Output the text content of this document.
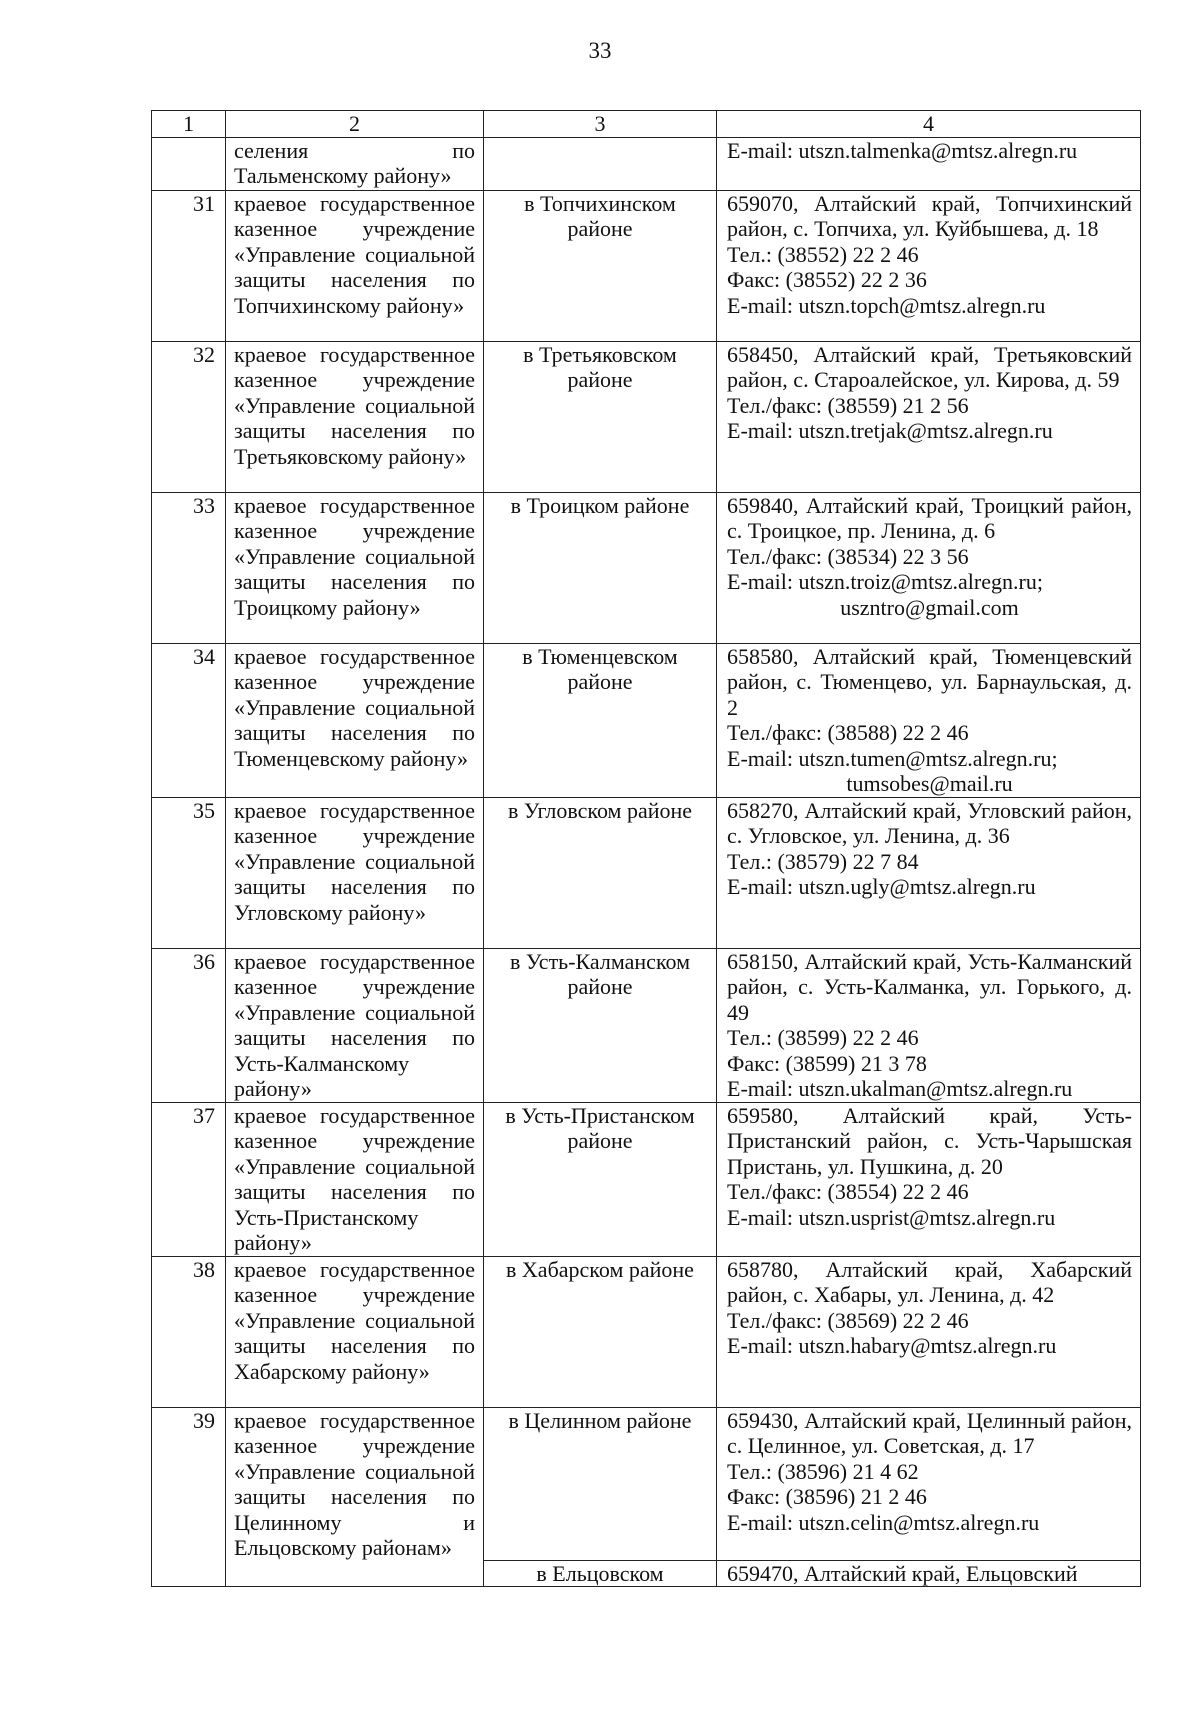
33
1	2	3	4
	селения по Тальменскому району»		E-mail: utszn.talmenka@mtsz.alregn.ru

31	краевое государственное казенное учреждение «Управление социальной защиты населения по Топчихинскому району»	в Топчихинском районе	659070, Алтайский край, Топчихинский район, с. Топчиха, ул. Куйбышева, д. 18
Тел.: (38552) 22 2 46
Факс: (38552) 22 2 36
E-mail: utszn.topch@mtsz.alregn.ru

32	краевое государственное казенное учреждение «Управление социальной защиты населения по Третьяковскому району»	в Третьяковском районе	658450, Алтайский край, Третьяковский район, с. Староалейское, ул. Кирова, д. 59
Тел./факс: (38559) 21 2 56
E-mail: utszn.tretjak@mtsz.alregn.ru

33	краевое государственное казенное учреждение «Управление социальной защиты населения по Троицкому району»	в Троицком районе	659840, Алтайский край, Троицкий район, с. Троицкое, пр. Ленина, д. 6
Тел./факс: (38534) 22 3 56
E-mail: utszn.troiz@mtsz.alregn.ru;
uszntro@gmail.com

34	краевое государственное казенное учреждение «Управление социальной защиты населения по Тюменцевскому району»	в Тюменцевском районе	658580, Алтайский край, Тюменцевский район, с. Тюменцево, ул. Барнаульская, д. 2
Тел./факс: (38588) 22 2 46
E-mail: utszn.tumen@mtsz.alregn.ru;
tumsobes@mail.ru

35	краевое государственное казенное учреждение «Управление социальной защиты населения по Угловскому району»	в Угловском районе	658270, Алтайский край, Угловский район, с. Угловское, ул. Ленина, д. 36
Тел.: (38579) 22 7 84
E-mail: utszn.ugly@mtsz.alregn.ru

36	краевое государственное казенное учреждение «Управление социальной защиты населения по Усть-Калманскому району»	в Усть-Калманском районе	658150, Алтайский край, Усть-Калманский район, с. Усть-Калманка, ул. Горького, д. 49
Тел.: (38599) 22 2 46
Факс: (38599) 21 3 78
E-mail: utszn.ukalman@mtsz.alregn.ru

37	краевое государственное казенное учреждение «Управление социальной защиты населения по Усть-Пристанскому району»	в Усть-Пристанском районе	659580, Алтайский край, Усть-Пристанский район, с. Усть-Чарышская Пристань, ул. Пушкина, д. 20
Тел./факс: (38554) 22 2 46
E-mail: utszn.usprist@mtsz.alregn.ru

38	краевое государственное казенное учреждение «Управление социальной защиты населения по Хабарскому району»	в Хабарском районе	658780, Алтайский край, Хабарский район, с. Хабары, ул. Ленина, д. 42
Тел./факс: (38569) 22 2 46
E-mail: utszn.habary@mtsz.alregn.ru

39	краевое государственное казенное учреждение «Управление социальной защиты населения по Целинному и Ельцовскому районам»	в Целинном районе	659430, Алтайский край, Целинный район, с. Целинное, ул. Советская, д. 17
Тел.: (38596) 21 4 62
Факс: (38596) 21 2 46
E-mail: utszn.celin@mtsz.alregn.ru

		в Ельцовском	659470, Алтайский край, Ельцовский
